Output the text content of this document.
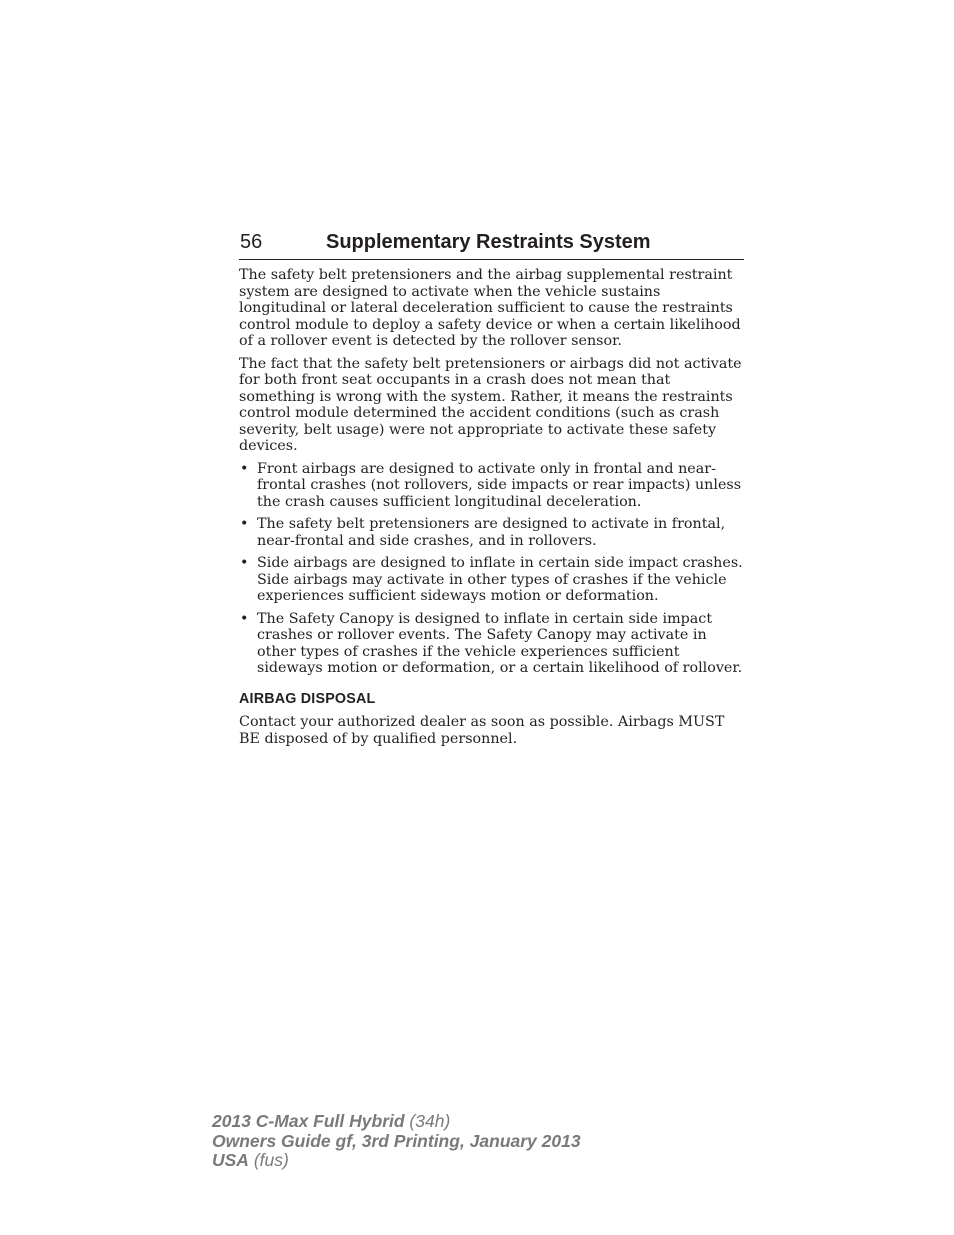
56	Supplementary Restraints System

The safety belt pretensioners and the airbag supplemental restraint system are designed to activate when the vehicle sustains longitudinal or lateral deceleration sufficient to cause the restraints control module to deploy a safety device or when a certain likelihood of a rollover event is detected by the rollover sensor.

The fact that the safety belt pretensioners or airbags did not activate for both front seat occupants in a crash does not mean that something is wrong with the system. Rather, it means the restraints control module determined the accident conditions (such as crash severity, belt usage) were not appropriate to activate these safety devices.

• Front airbags are designed to activate only in frontal and near-frontal crashes (not rollovers, side impacts or rear impacts) unless the crash causes sufficient longitudinal deceleration.
• The safety belt pretensioners are designed to activate in frontal, near-frontal and side crashes, and in rollovers.
• Side airbags are designed to inflate in certain side impact crashes. Side airbags may activate in other types of crashes if the vehicle experiences sufficient sideways motion or deformation.
• The Safety Canopy is designed to inflate in certain side impact crashes or rollover events. The Safety Canopy may activate in other types of crashes if the vehicle experiences sufficient sideways motion or deformation, or a certain likelihood of rollover.
AIRBAG DISPOSAL

Contact your authorized dealer as soon as possible. Airbags MUST BE disposed of by qualified personnel.

2013 C-Max Full Hybrid (34h)
Owners Guide gf, 3rd Printing, January 2013
USA (fus)
